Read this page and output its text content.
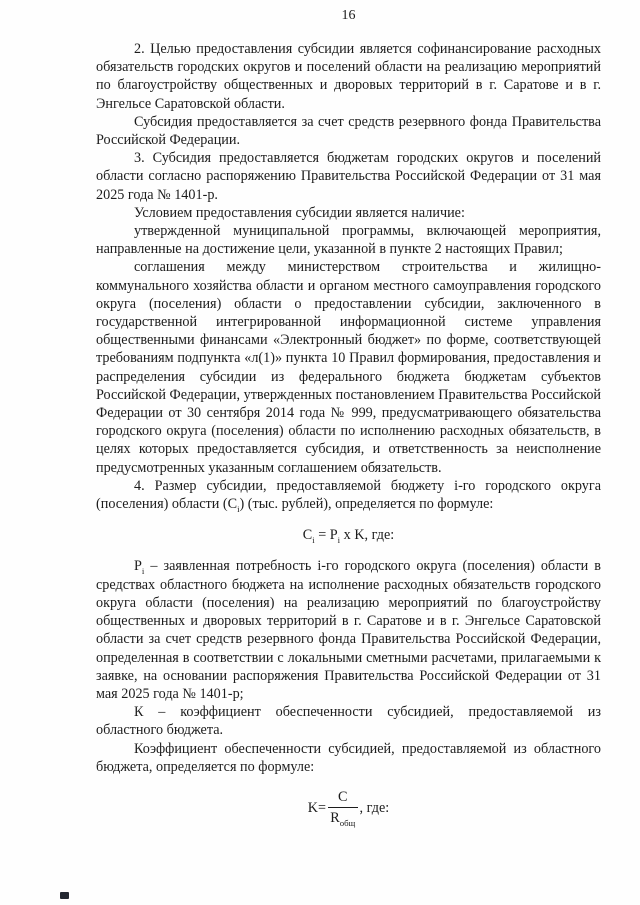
16

2. Целью предоставления субсидии является софинансирование расходных обязательств городских округов и поселений области на реализацию мероприятий по благоустройству общественных и дворовых территорий в г. Саратове и в г. Энгельсе Саратовской области.

Субсидия предоставляется за счет средств резервного фонда Правительства Российской Федерации.

3. Субсидия предоставляется бюджетам городских округов и поселений области согласно распоряжению Правительства Российской Федерации от 31 мая 2025 года № 1401-р.

Условием предоставления субсидии является наличие:

утвержденной муниципальной программы, включающей мероприятия, направленные на достижение цели, указанной в пункте 2 настоящих Правил;

соглашения между министерством строительства и жилищно-коммунального хозяйства области и органом местного самоуправления городского округа (поселения) области о предоставлении субсидии, заключенного в государственной интегрированной информационной системе управления общественными финансами «Электронный бюджет» по форме, соответствующей требованиям подпункта «л(1)» пункта 10 Правил формирования, предоставления и распределения субсидии из федерального бюджета бюджетам субъектов Российской Федерации, утвержденных постановлением Правительства Российской Федерации от 30 сентября 2014 года № 999, предусматривающего обязательства городского округа (поселения) области по исполнению расходных обязательств, в целях которых предоставляется субсидия, и ответственность за неисполнение предусмотренных указанным соглашением обязательств.

4. Размер субсидии, предоставляемой бюджету i-го городского округа (поселения) области $(C_i)$ (тыс. рублей), определяется по формуле:

$C_i = P_i$ x K, где:

$P_i$ – заявленная потребность i-го городского округа (поселения) области в средствах областного бюджета на исполнение расходных обязательств городского округа области (поселения) на реализацию мероприятий по благоустройству общественных и дворовых территорий в г. Саратове и в г. Энгельсе Саратовской области за счет средств резервного фонда Правительства Российской Федерации, определенная в соответствии с локальными сметными расчетами, прилагаемыми к заявке, на основании распоряжения Правительства Российской Федерации от 31 мая 2025 года № 1401-р;

К – коэффициент обеспеченности субсидией, предоставляемой из областного бюджета.

Коэффициент обеспеченности субсидией, предоставляемой из областного бюджета, определяется по формуле:

$K= \frac{C}{R_{общ}}$ , где:
